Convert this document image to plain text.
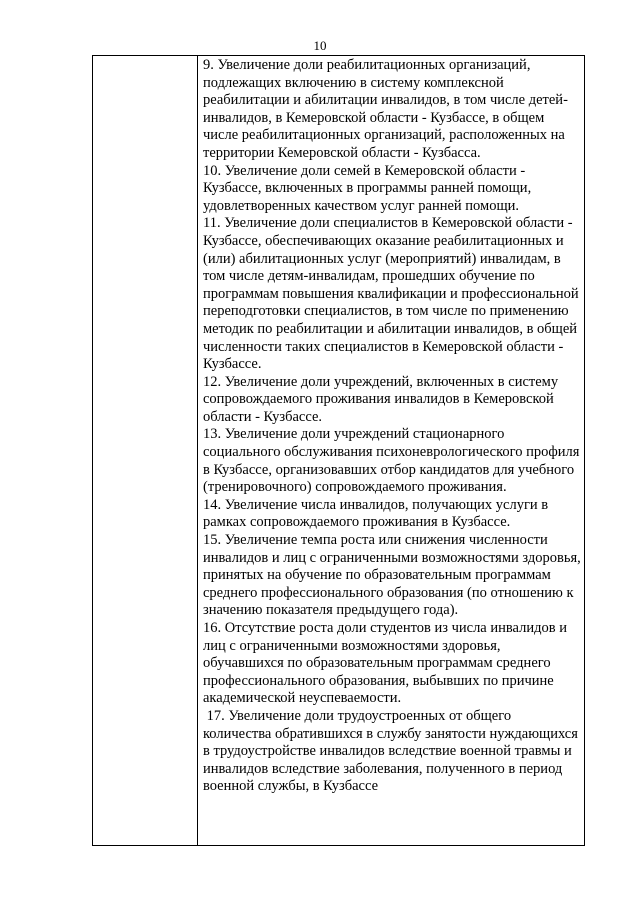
10

9. Увеличение доли реабилитационных организаций, подлежащих включению в систему комплексной реабилитации и абилитации инвалидов, в том числе детей-инвалидов, в Кемеровской области - Кузбассе, в общем числе реабилитационных организаций, расположенных на территории Кемеровской области - Кузбасса.

10. Увеличение доли семей в Кемеровской области - Кузбассе, включенных в программы ранней помощи, удовлетворенных качеством услуг ранней помощи.

11. Увеличение доли специалистов в Кемеровской области - Кузбассе, обеспечивающих оказание реабилитационных и (или) абилитационных услуг (мероприятий) инвалидам, в том числе детям-инвалидам, прошедших обучение по программам повышения квалификации и профессиональной переподготовки специалистов, в том числе по применению методик по реабилитации и абилитации инвалидов, в общей численности таких специалистов в Кемеровской области - Кузбассе.

12. Увеличение доли учреждений, включенных в систему сопровождаемого проживания инвалидов в Кемеровской области - Кузбассе.

13. Увеличение доли учреждений стационарного социального обслуживания психоневрологического профиля в Кузбассе, организовавших отбор кандидатов для учебного (тренировочного) сопровождаемого проживания.

14. Увеличение числа инвалидов, получающих услуги в рамках сопровождаемого проживания в Кузбассе.

15. Увеличение темпа роста или снижения численности инвалидов и лиц с ограниченными возможностями здоровья, принятых на обучение по образовательным программам среднего профессионального образования (по отношению к значению показателя предыдущего года).

16. Отсутствие роста доли студентов из числа инвалидов и лиц с ограниченными возможностями здоровья, обучавшихся по образовательным программам среднего профессионального образования, выбывших по причине академической неуспеваемости.

17. Увеличение доли трудоустроенных от общего количества обратившихся в службу занятости нуждающихся в трудоустройстве инвалидов вследствие военной травмы и инвалидов вследствие заболевания, полученного в период военной службы, в Кузбассе
